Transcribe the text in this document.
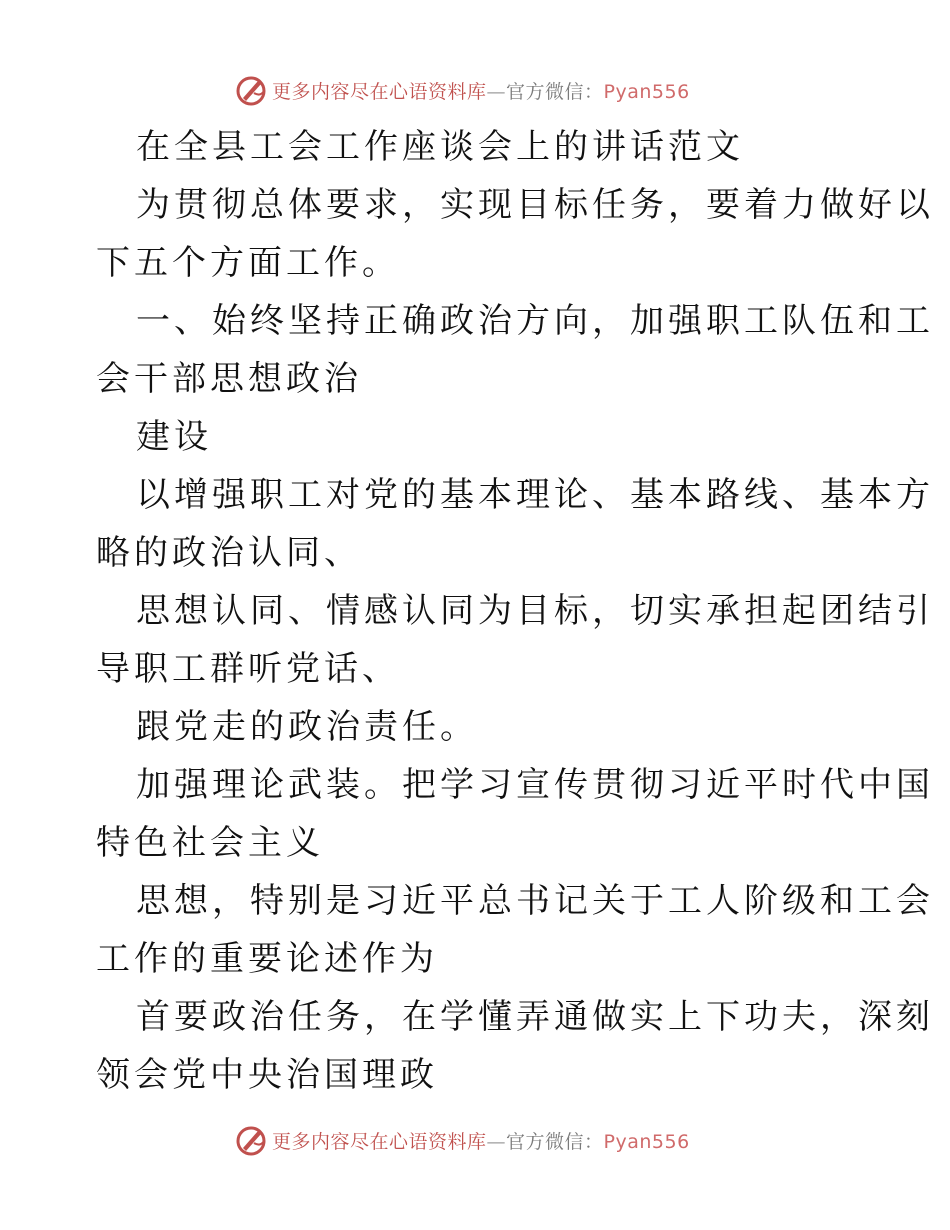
更多内容尽在心语资料库—官方微信：Pyan556
在全县工会工作座谈会上的讲话范文
为贯彻总体要求，实现目标任务，要着力做好以
下五个方面工作。
一、始终坚持正确政治方向，加强职工队伍和工
会干部思想政治
建设
以增强职工对党的基本理论、基本路线、基本方
略的政治认同、
思想认同、情感认同为目标，切实承担起团结引
导职工群听党话、
跟党走的政治责任。
加强理论武装。把学习宣传贯彻习近平时代中国
特色社会主义
思想，特别是习近平总书记关于工人阶级和工会
工作的重要论述作为
首要政治任务，在学懂弄通做实上下功夫，深刻
领会党中央治国理政
更多内容尽在心语资料库—官方微信：Pyan556
